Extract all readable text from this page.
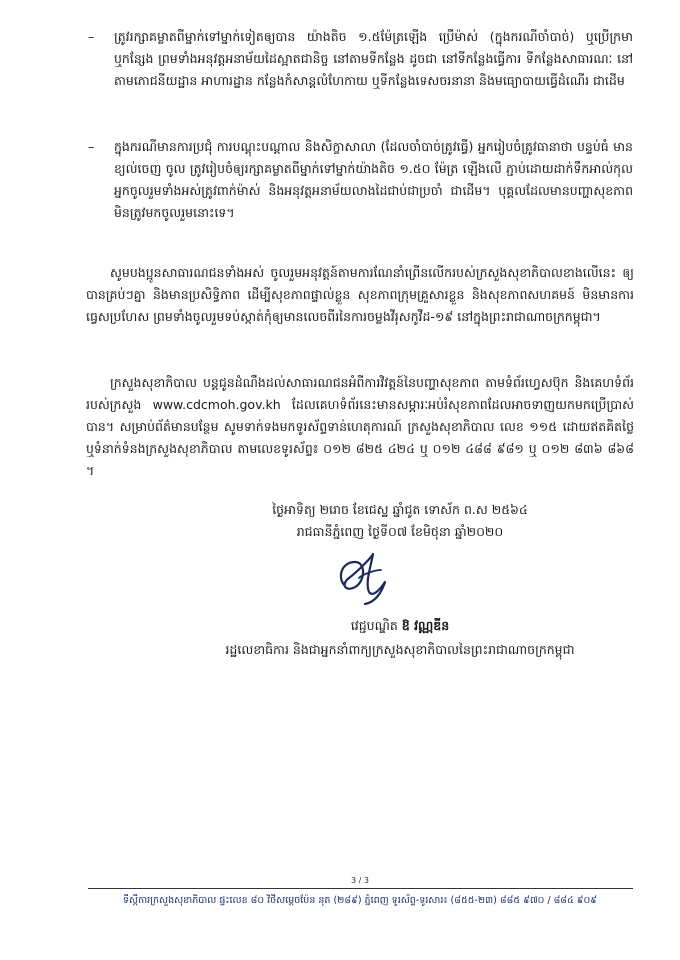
–	ត្រូវរក្សាគម្លាតពីម្នាក់ទៅម្នាក់ទៀតឲ្យបាន យ៉ាងតិច ១.៥ម៉ែត្រឡើង ប្រើម៉ាស់ (ក្នុងករណីចាំបាច់) ឬប្រើក្រមា ឬកន្សែង ព្រមទាំងអនុវត្តអនាម័យដៃស្អាតជានិច្ច នៅតាមទីកន្លែង ដូចជា នៅទីកន្លែងធ្វើការ ទីកន្លែងសាធារណៈ នៅតាមភោជនីយដ្ឋាន អាហារដ្ឋាន កន្លែងកំសាន្តលំហែកាយ ឬទីកន្លែងទេសចរនានា និងមធ្យោបាយធ្វើដំណើរ ជាដើម
–	ក្នុងករណីមានការប្រជុំ ការបណ្តុះបណ្តាល និងសិក្ខាសាលា (ដែលចាំបាច់ត្រូវធ្វើ) អ្នករៀបចំត្រូវធានាថា បន្ទប់ធំ មានខ្យល់ចេញ ចូល ត្រូវរៀបចំឲ្យរក្សាគម្លាតពីម្នាក់ទៅម្នាក់យ៉ាងតិច ១.៥០ ម៉ែត្រ ឡើងលើ ភ្ជាប់ដោយដាក់ទឹកអាល់កុល អ្នកចូលរួមទាំងអស់ត្រូវពាក់ម៉ាស់ និងអនុវត្តអនាម័យលាងដៃជាប់ជាប្រចាំ ជាដើម។ បុគ្គលដែលមានបញ្ហាសុខភាព មិនត្រូវមកចូលរួមនោះទេ។
សូមបងប្អូនសាធារណជនទាំងអស់ ចូលរួមអនុវត្តន៍តាមការណែនាំព្រើនលើករបស់ក្រសួងសុខាភិបាលខាងលើនេះ ឲ្យបានគ្រប់ៗគ្នា និងមានប្រសិទ្ធិភាព ដើម្បីសុខភាពផ្ទាល់ខ្លួន សុខភាពក្រុមគ្រួសារខ្លួន និងសុខភាពសហគមន៍ មិនមានការធ្វេសប្រហែស ព្រមទាំងចូលរួមទប់ស្កាត់កុំឲ្យមានលេចពីរនៃការចម្លងវីរុសកូវីដ-១៩ នៅក្នុងព្រះរាជាណាចក្រកម្ពុជា។
ក្រសួងសុខាភិបាល បន្តជូនដំណឹងដល់សាធារណជនអំពីការវិវត្តន៍នៃបញ្ហាសុខភាព តាមទំព័រហ្វេសប៊ុក និងគេហទំព័ររបស់ក្រសួង www.cdcmoh.gov.kh ដែលគេហទំព័រនេះមានសម្ភារៈអប់រំសុខភាពដែលអាចទាញយកមកប្រើប្រាស់បាន។ សម្រាប់ព័ត៌មានបន្ថែម សូមទាក់ទងមកទូរស័ព្ទទាន់ហេតុការណ៍ ក្រសួងសុខាភិបាល លេខ ១១៥ ដោយឥតគិតថ្លៃ ឬទំនាក់ទំនងក្រសួងសុខាភិបាល តាមលេខទូរស័ព្ទ៖ ០១២ ៨២៥ ៤២៤ ឬ ០១២ ៤៨៨ ៩៨១ ឬ ០១២ ៨៣៦ ៨៦៨ ។
ថ្ងៃអាទិត្យ ២រោច ខែជេស្ឋ ឆ្នាំជូត ទោស័ក ព.ស ២៥៦៤
រាជធានីភ្នំពេញ ថ្ងៃទី០៧ ខែមិថុនា ឆ្នាំ២០២០
វេជ្ជបណ្ឌិត ឱ វណ្ណឌីន
រដ្ឋលេខាធិការ និងជាអ្នកនាំពាក្យក្រសួងសុខាភិបាលនៃព្រះរាជាណាចក្រកម្ពុជា
3 / 3
ទីស្តីការក្រសួងសុខាភិបាល ផ្ទះលេខ ៨០ វិថីសម្តេចប៉ែន នុត (២៨៩) ភ្នំពេញ ទូរស័ព្ទ-ទូរសារ៖ (៨៥៥-២៣) ៨៨៥ ៩៧០ / ៨៨៤ ៩០៩
